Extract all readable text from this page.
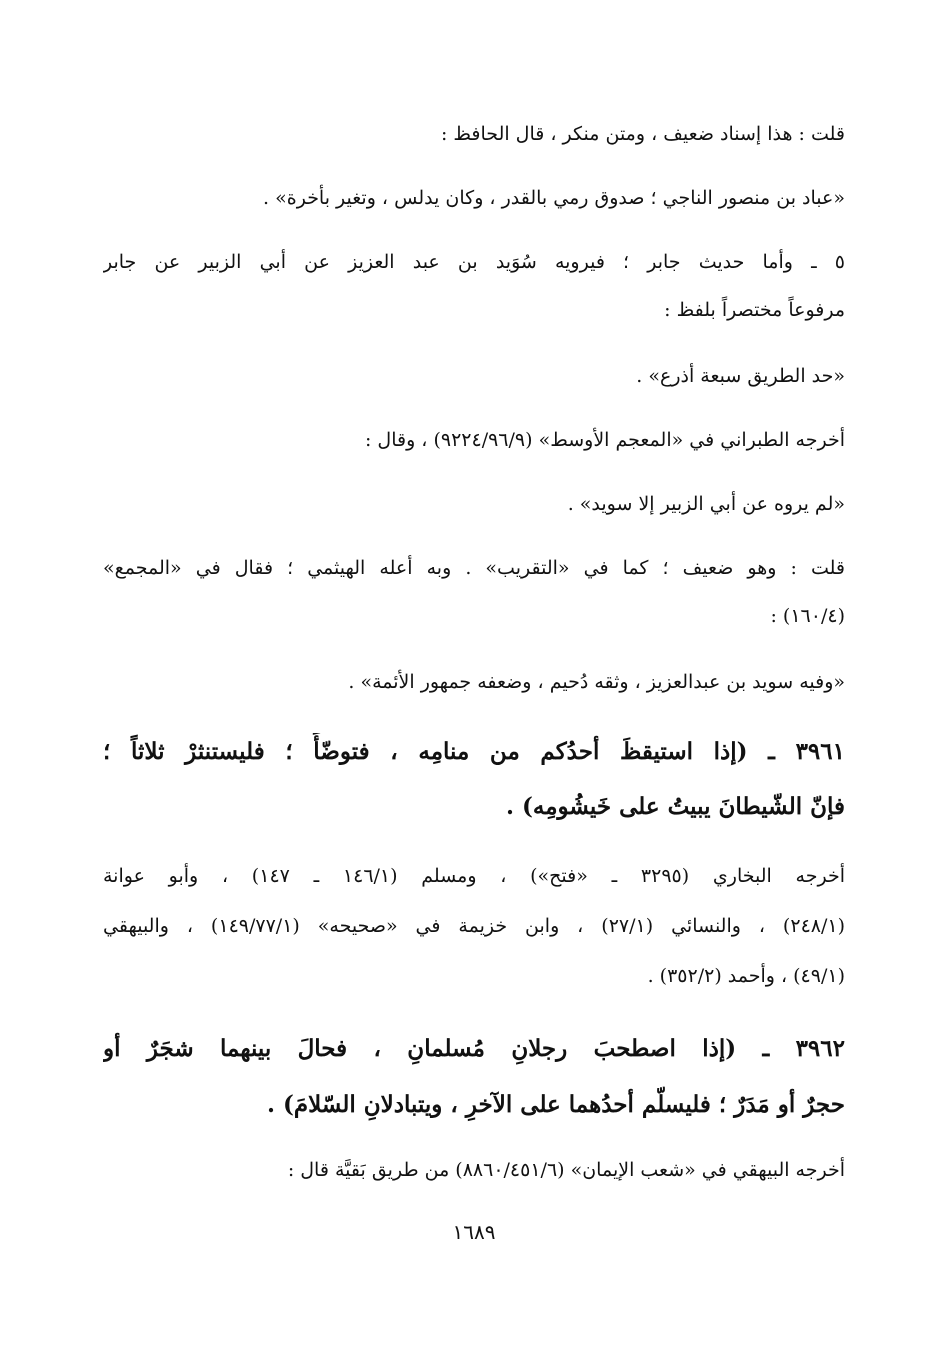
قلت : هذا إسناد ضعيف ، ومتن منكر ، قال الحافظ :
«عباد بن منصور الناجي ؛ صدوق رمي بالقدر ، وكان يدلس ، وتغير بأخرة» .
٥ ـ وأما حديث جابر ؛ فيرويه سُوَيد بن عبد العزيز عن أبي الزبير عن جابر
مرفوعاً مختصراً بلفظ :
«حد الطريق سبعة أذرع» .
أخرجه الطبراني في «المعجم الأوسط» (٩٢٢٤/٩٦/٩) ، وقال :
«لم يروه عن أبي الزبير إلا سويد» .
قلت : وهو ضعيف ؛ كما في «التقريب» . وبه أعله الهيثمي ؛ فقال في «المجمع»
(١٦٠/٤) :
«وفيه سويد بن عبدالعزيز ، وثقه دُحيم ، وضعفه جمهور الأئمة» .
٣٩٦١ ـ (إذا استيقظَ أحدُكم من منامِه ، فتوضّأَ ؛ فليستنثرْ ثلاثاً ؛
فإنّ الشّيطانَ يبيتُ على خَيشُومِه) .
أخرجه البخاري (٣٢٩٥ ـ «فتح») ، ومسلم (١٤٦/١ ـ ١٤٧) ، وأبو عوانة
(٢٤٨/١) ، والنسائي (٢٧/١) ، وابن خزيمة في «صحيحه» (١٤٩/٧٧/١) ، والبيهقي
(٤٩/١) ، وأحمد (٣٥٢/٢) .
٣٩٦٢ ـ (إذا اصطحبَ رجلانِ مُسلمانِ ، فحالَ بينهما شجَرٌ أو
حجرٌ أو مَدَرٌ ؛ فليسلّم أحدُهما على الآخرِ ، ويتبادلانِ السّلامَ) .
أخرجه البيهقي في «شعب الإيمان» (٨٨٦٠/٤٥١/٦) من طريق بَقيَّة قال :
١٦٨٩
